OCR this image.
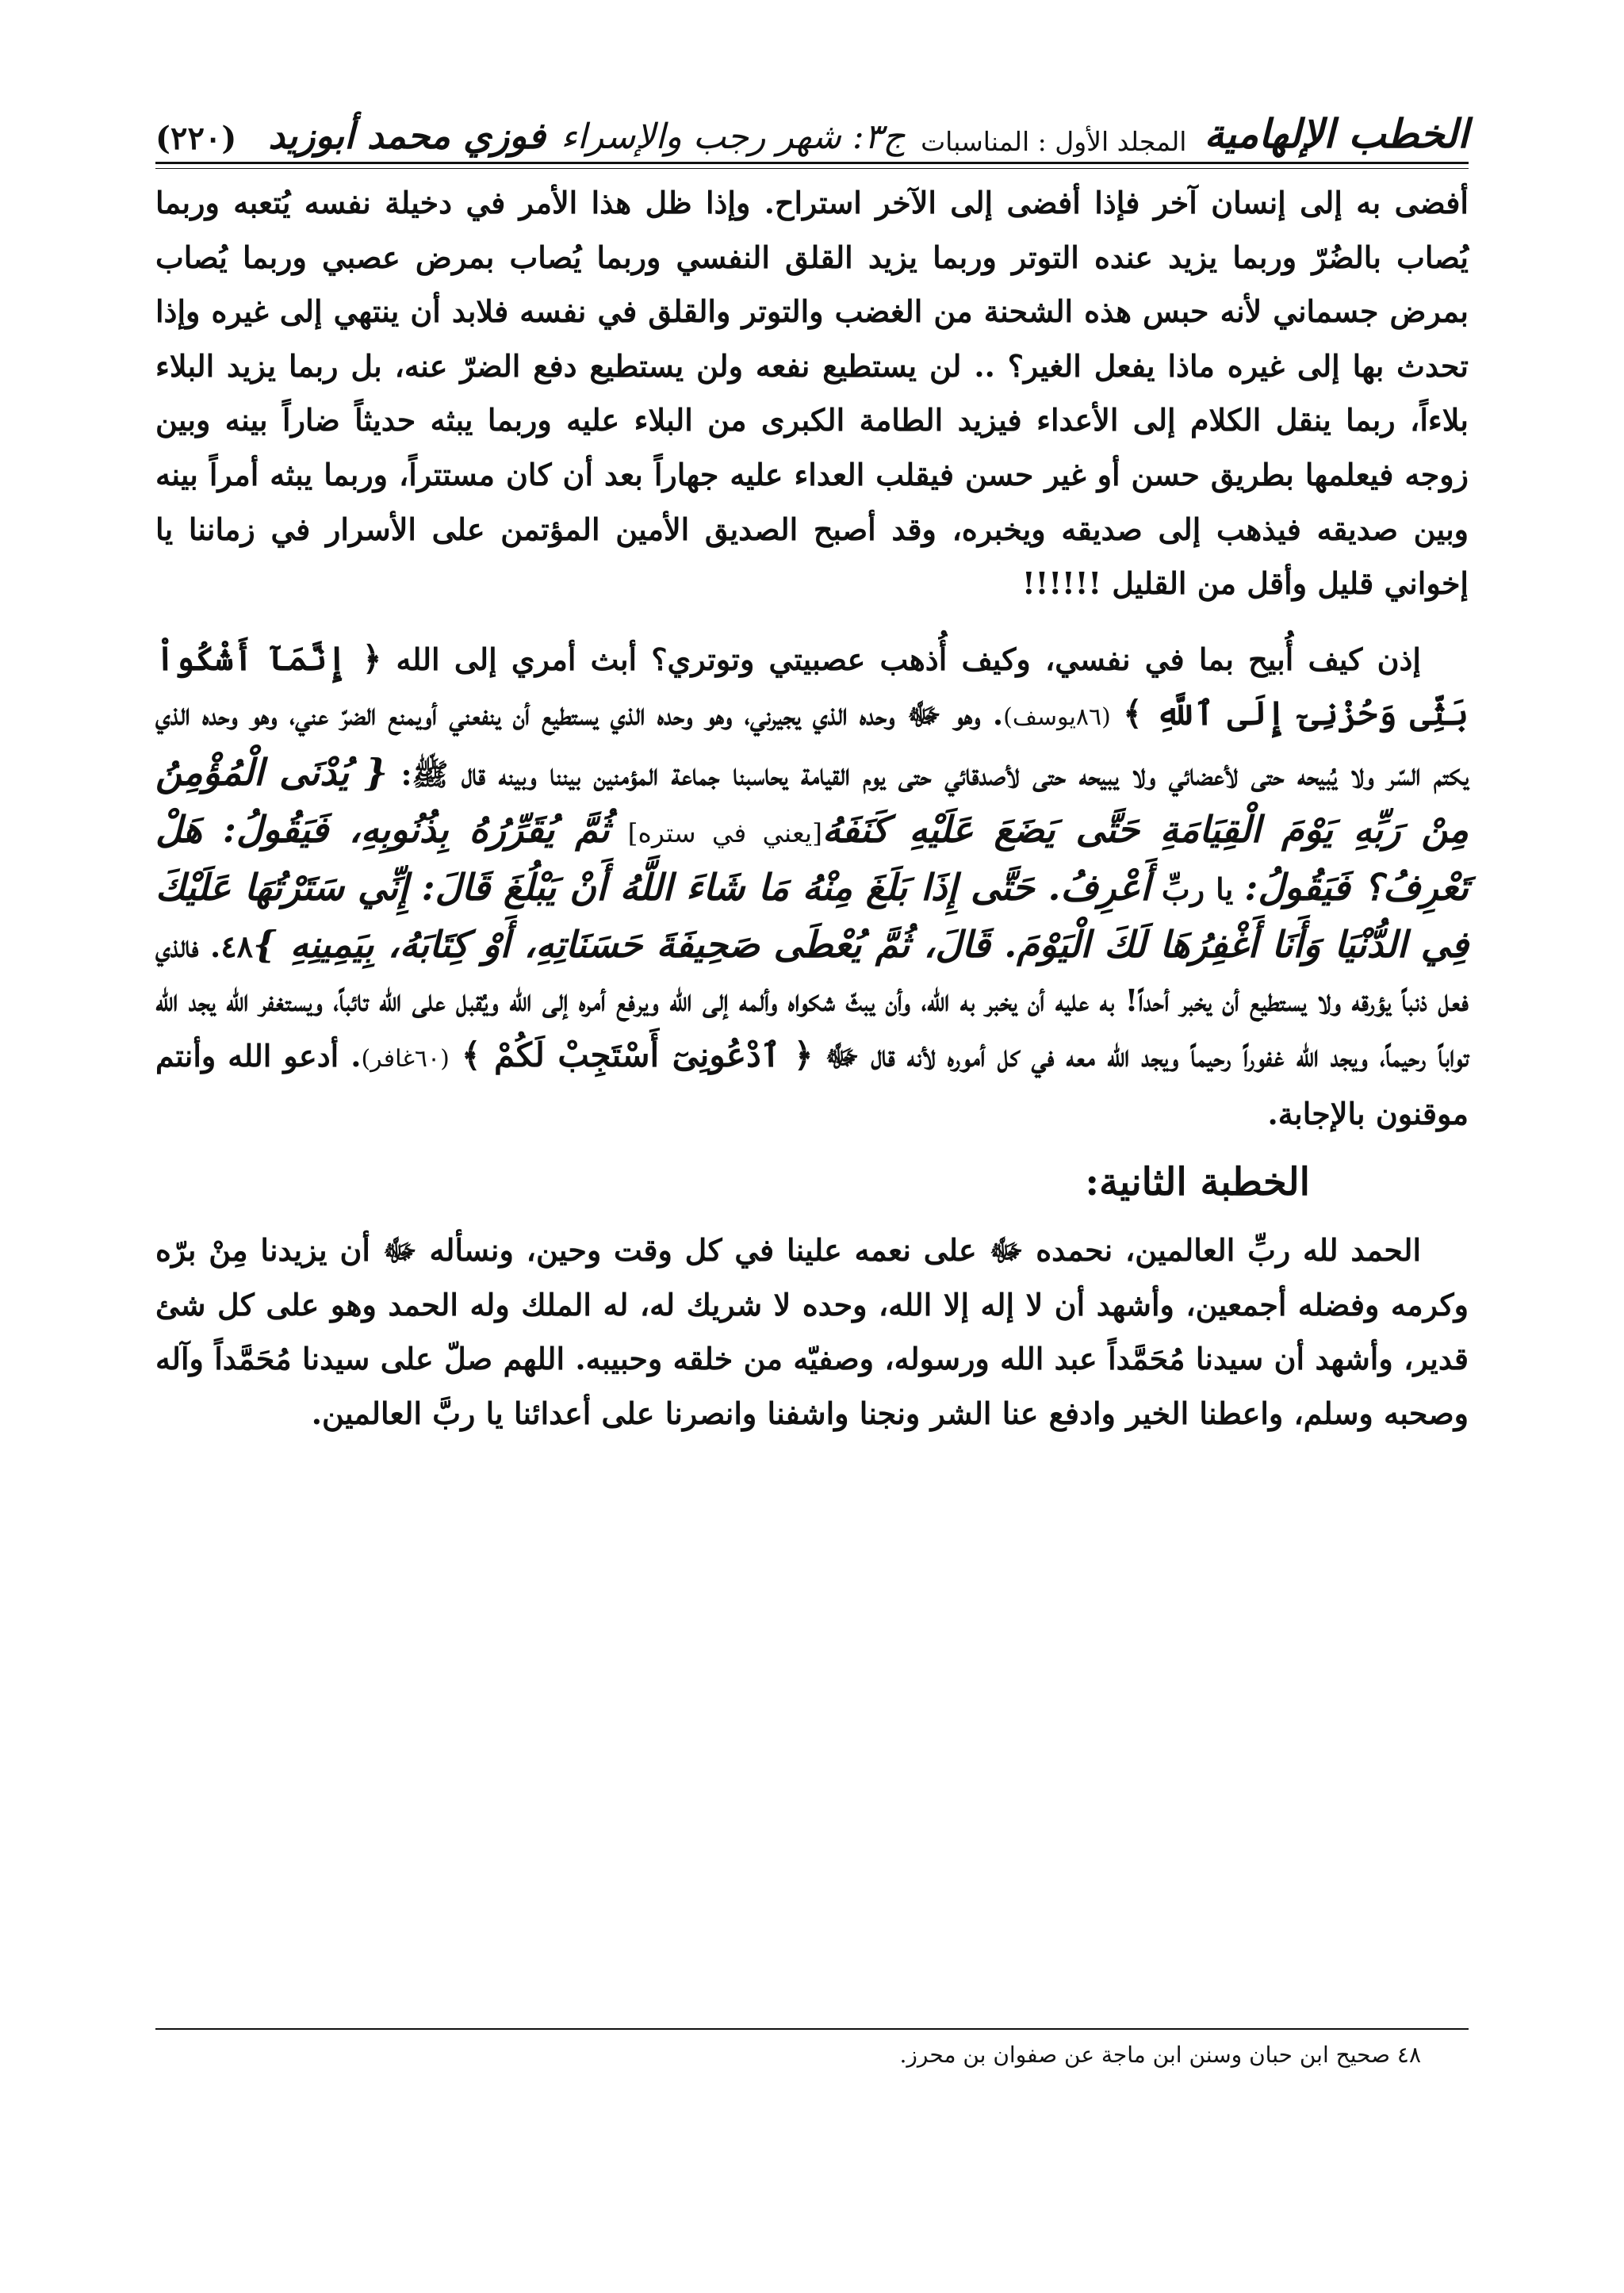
الخطب الإلهامية
المجلد الأول : المناسبات
ج٣: شهر رجب والإسراء
فوزي محمد أبوزيد
(٢٢٠)

أفضى به إلى إنسان آخر فإذا أفضى إلى الآخر استراح. وإذا ظل هذا الأمر في دخيلة نفسه يُتعبه وربما يُصاب بالضُرّ وربما يزيد عنده التوتر وربما يزيد القلق النفسي وربما يُصاب بمرض عصبي وربما يُصاب بمرض جسماني لأنه حبس هذه الشحنة من الغضب والتوتر والقلق في نفسه فلابد أن ينتهي إلى غيره وإذا تحدث بها إلى غيره ماذا يفعل الغير؟ .. لن يستطيع نفعه ولن يستطيع دفع الضرّ عنه، بل ربما يزيد البلاء بلاءاً، ربما ينقل الكلام إلى الأعداء فيزيد الطامة الكبرى من البلاء عليه وربما يبثه حديثاً ضاراً بينه وبين زوجه فيعلمها بطريق حسن أو غير حسن فيقلب العداء عليه جهاراً بعد أن كان مستتراً، وربما يبثه أمراً بينه وبين صديقه فيذهب إلى صديقه ويخبره، وقد أصبح الصديق الأمين المؤتمن على الأسرار في زماننا يا إخواني قليل وأقل من القليل !!!!!!

إذن كيف أُبيح بما في نفسي، وكيف أُذهب عصبيتي وتوتري؟ أبث أمري إلى الله ﴿ إِنَّمَآ أَشْكُواْ بَثِّى وَحُزْنِىٓ إِلَى ٱللَّهِ ﴾ (٨٦يوسف). وهو ﷻ وحده الذي يجيرني، وهو وحده الذي يستطيع أن ينفعني أويمنع الضرّ عني، وهو وحده الذي يكتم السّر ولا يُبيحه حتى لأعضائي ولا يبيحه حتى لأصدقائي حتى يوم القيامة يحاسبنا جماعة المؤمنين بيننا وبينه قال ﷺ: { يُدْنَى الْمُؤْمِنُ مِنْ رَبِّهِ يَوْمَ الْقِيَامَةِ حَتَّى يَضَعَ عَلَيْهِ كَنَفَهُ[يعني في ستره] ثُمَّ يُقَرِّرُهُ بِذُنُوبِهِ، فَيَقُولُ: هَلْ تَعْرِفُ؟ فَيَقُولُ: يا ربِّ أَعْرِفُ. حَتَّى إِذَا بَلَغَ مِنْهُ مَا شَاءَ اللَّهُ أَنْ يَبْلُغَ قَالَ: إِنِّي سَتَرْتُهَا عَلَيْكَ فِي الدُّنْيَا وَأَنَا أَغْفِرُهَا لَكَ الْيَوْمَ. قَالَ، ثُمَّ يُعْطَى صَحِيفَةَ حَسَنَاتِهِ، أَوْ كِتَابَهُ، بِيَمِينِهِ }٤٨. فالذي فعل ذنباً يؤرقه ولا يستطيع أن يخبر أحداً! به عليه أن يخبر به الله، وأن يبثّ شكواه وألمه إلى الله ويرفع أمره إلى الله ويُقبل على الله تائباً، ويستغفر الله يجد الله تواباً رحيماً، ويجد الله غفوراً رحيماً ويجد الله معه في كل أموره لأنه قال ﷻ ﴿ ٱدْعُونِىٓ أَسْتَجِبْ لَكُمْ ﴾ (٦٠غافر). أدعو الله وأنتم موقنون بالإجابة.

الخطبة الثانية:

الحمد لله ربِّ العالمين، نحمده ﷻ على نعمه علينا في كل وقت وحين، ونسأله ﷻ أن يزيدنا مِنْ برّه وكرمه وفضله أجمعين، وأشهد أن لا إله إلا الله، وحده لا شريك له، له الملك وله الحمد وهو على كل شئ قدير، وأشهد أن سيدنا مُحَمَّداً عبد الله ورسوله، وصفيّه من خلقه وحبيبه. اللهم صلّ على سيدنا مُحَمَّداً وآله وصحبه وسلم، واعطنا الخير وادفع عنا الشر ونجنا واشفنا وانصرنا على أعدائنا يا ربَّ العالمين.

٤٨ صحيح ابن حبان وسنن ابن ماجة عن صفوان بن محرز.
